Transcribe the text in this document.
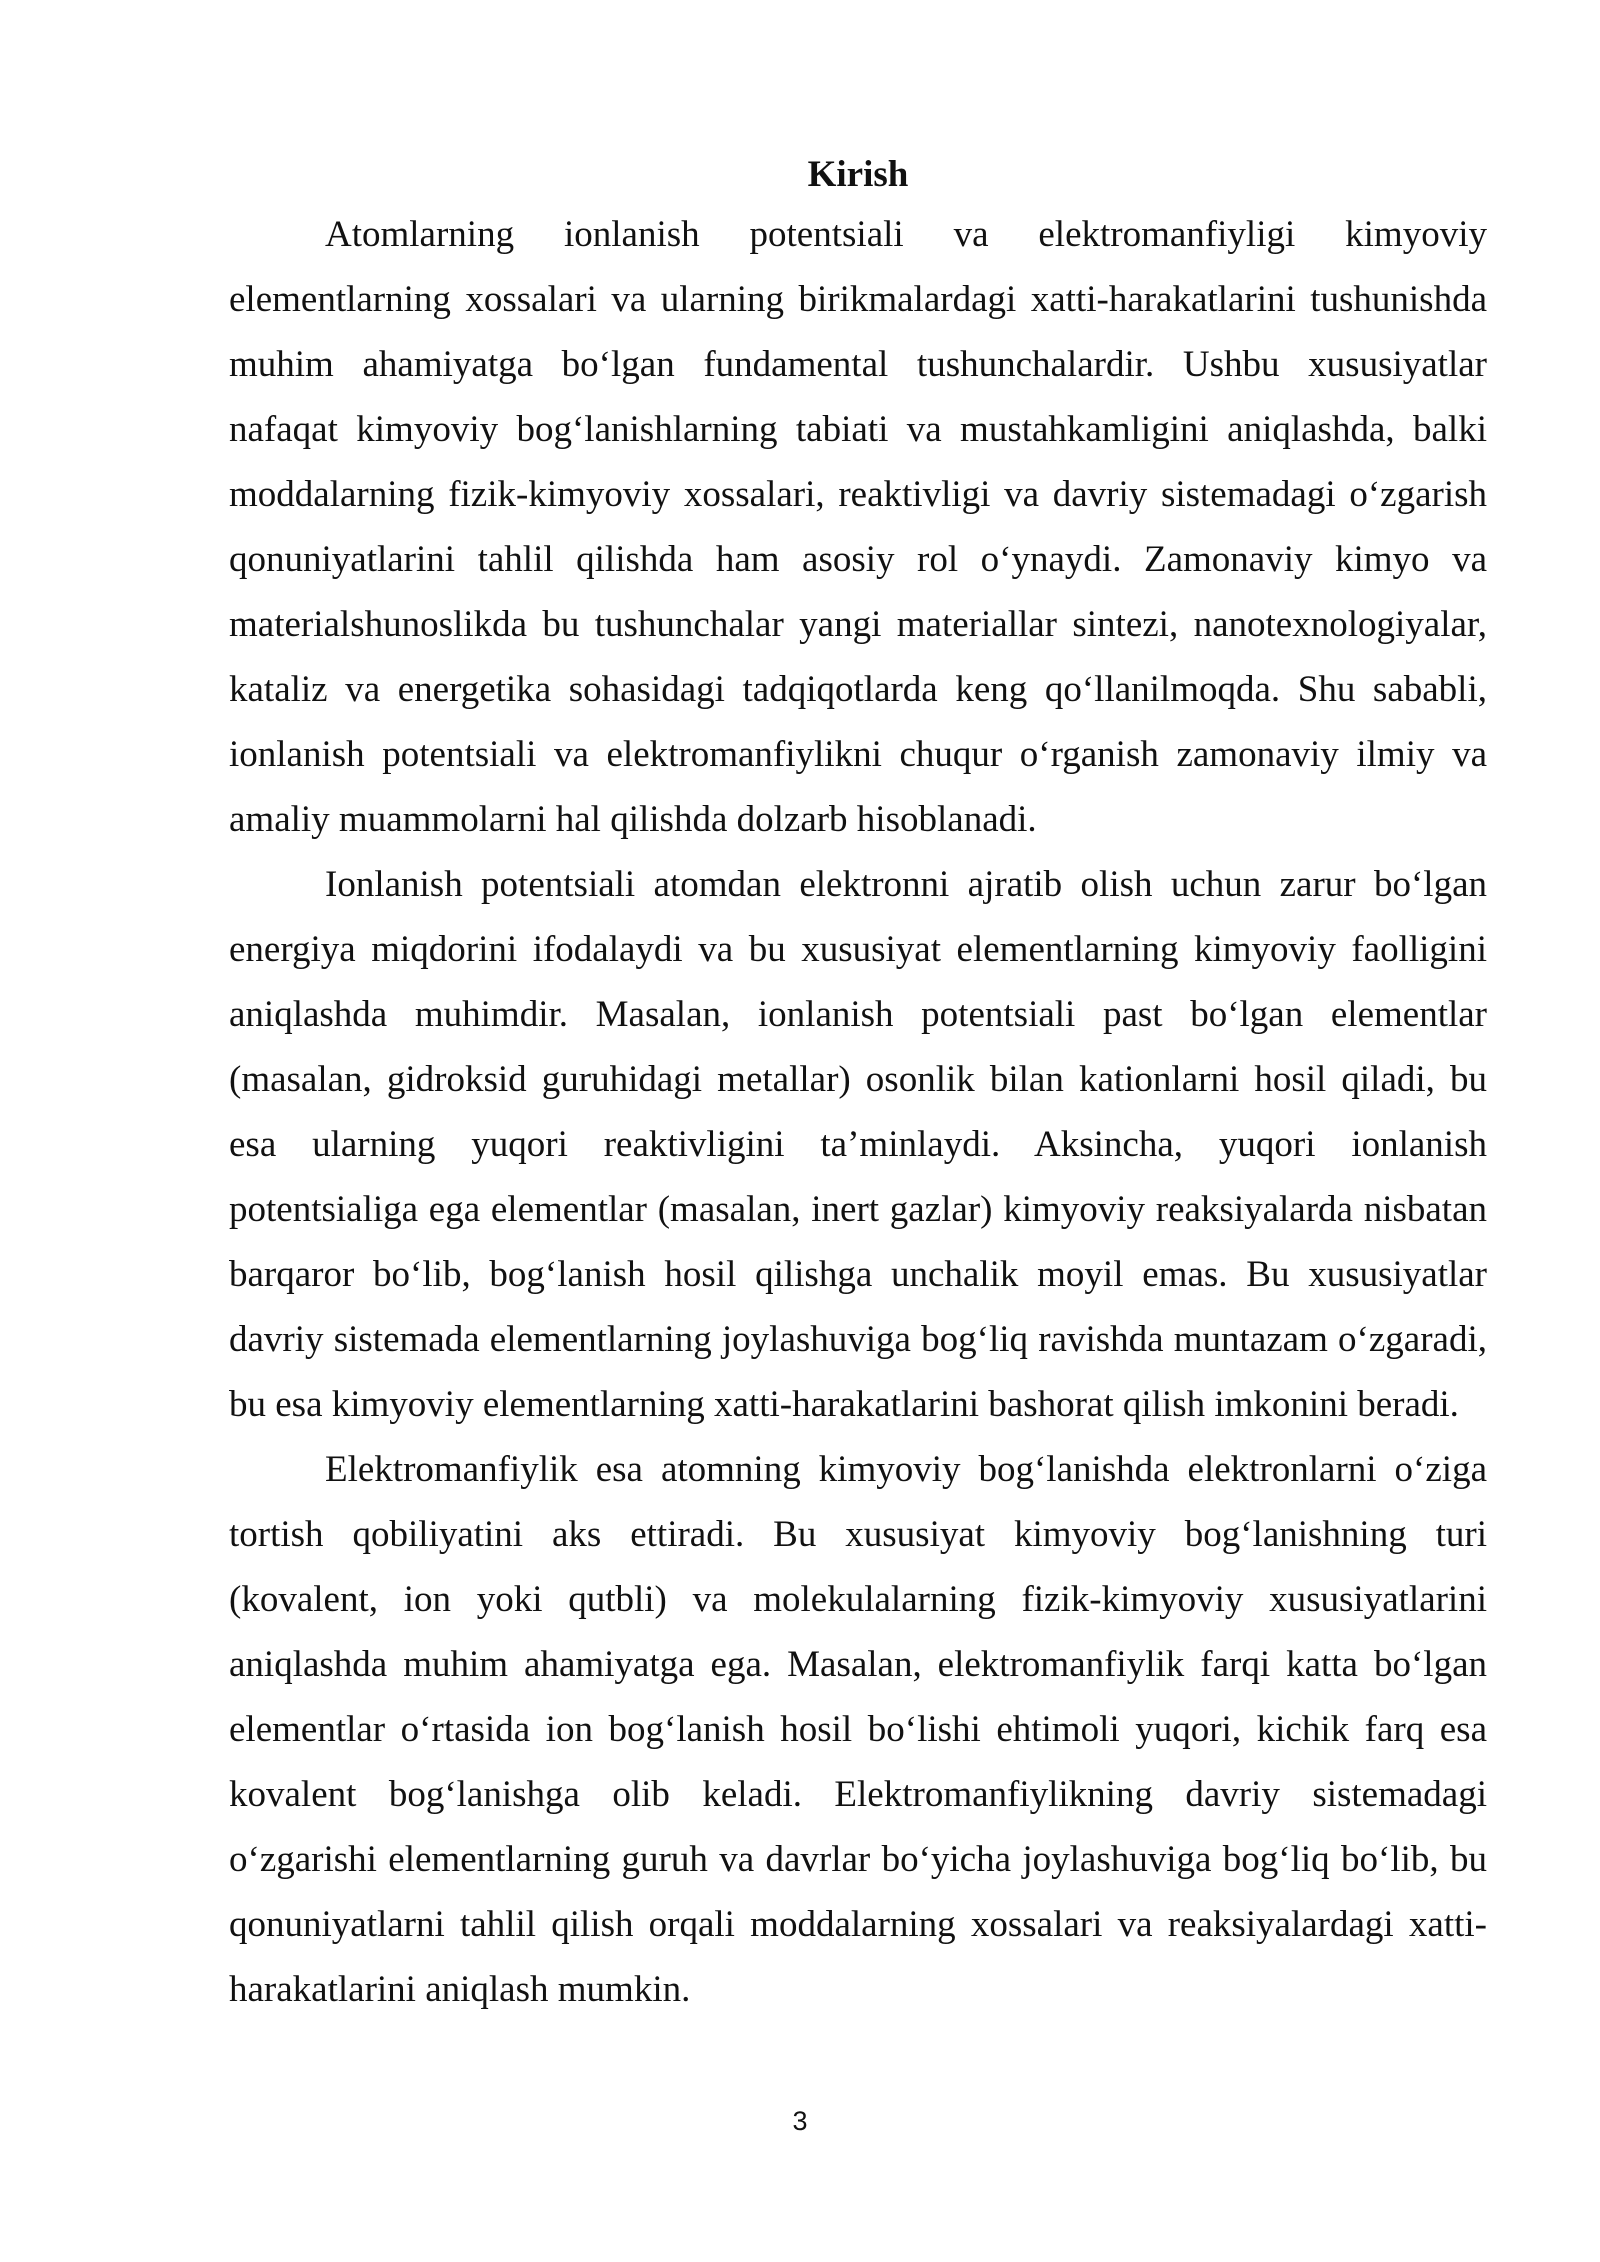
Kirish

Atomlarning ionlanish potentsiali va elektromanfiyligi kimyoviy elementlarning xossalari va ularning birikmalardagi xatti-harakatlarini tushunishda muhim ahamiyatga bo‘lgan fundamental tushunchalardir. Ushbu xususiyatlar nafaqat kimyoviy bog‘lanishlarning tabiati va mustahkamligini aniqlashda, balki moddalarning fizik-kimyoviy xossalari, reaktivligi va davriy sistemadagi o‘zgarish qonuniyatlarini tahlil qilishda ham asosiy rol o‘ynaydi. Zamonaviy kimyo va materialshunoslikda bu tushunchalar yangi materiallar sintezi, nanotexnologiyalar, kataliz va energetika sohasidagi tadqiqotlarda keng qo‘llanilmoqda. Shu sababli, ionlanish potentsiali va elektromanfiylikni chuqur o‘rganish zamonaviy ilmiy va amaliy muammolarni hal qilishda dolzarb hisoblanadi.

Ionlanish potentsiali atomdan elektronni ajratib olish uchun zarur bo‘lgan energiya miqdorini ifodalaydi va bu xususiyat elementlarning kimyoviy faolligini aniqlashda muhimdir. Masalan, ionlanish potentsiali past bo‘lgan elementlar (masalan, gidroksid guruhidagi metallar) osonlik bilan kationlarni hosil qiladi, bu esa ularning yuqori reaktivligini ta’minlaydi. Aksincha, yuqori ionlanish potentsialiga ega elementlar (masalan, inert gazlar) kimyoviy reaksiyalarda nisbatan barqaror bo‘lib, bog‘lanish hosil qilishga unchalik moyil emas. Bu xususiyatlar davriy sistemada elementlarning joylashuviga bog‘liq ravishda muntazam o‘zgaradi, bu esa kimyoviy elementlarning xatti-harakatlarini bashorat qilish imkonini beradi.

Elektromanfiylik esa atomning kimyoviy bog‘lanishda elektronlarni o‘ziga tortish qobiliyatini aks ettiradi. Bu xususiyat kimyoviy bog‘lanishning turi (kovalent, ion yoki qutbli) va molekulalarning fizik-kimyoviy xususiyatlarini aniqlashda muhim ahamiyatga ega. Masalan, elektromanfiylik farqi katta bo‘lgan elementlar o‘rtasida ion bog‘lanish hosil bo‘lishi ehtimoli yuqori, kichik farq esa kovalent bog‘lanishga olib keladi. Elektromanfiylikning davriy sistemadagi o‘zgarishi elementlarning guruh va davrlar bo‘yicha joylashuviga bog‘liq bo‘lib, bu qonuniyatlarni tahlil qilish orqali moddalarning xossalari va reaksiyalardagi xatti-harakatlarini aniqlash mumkin.

3
